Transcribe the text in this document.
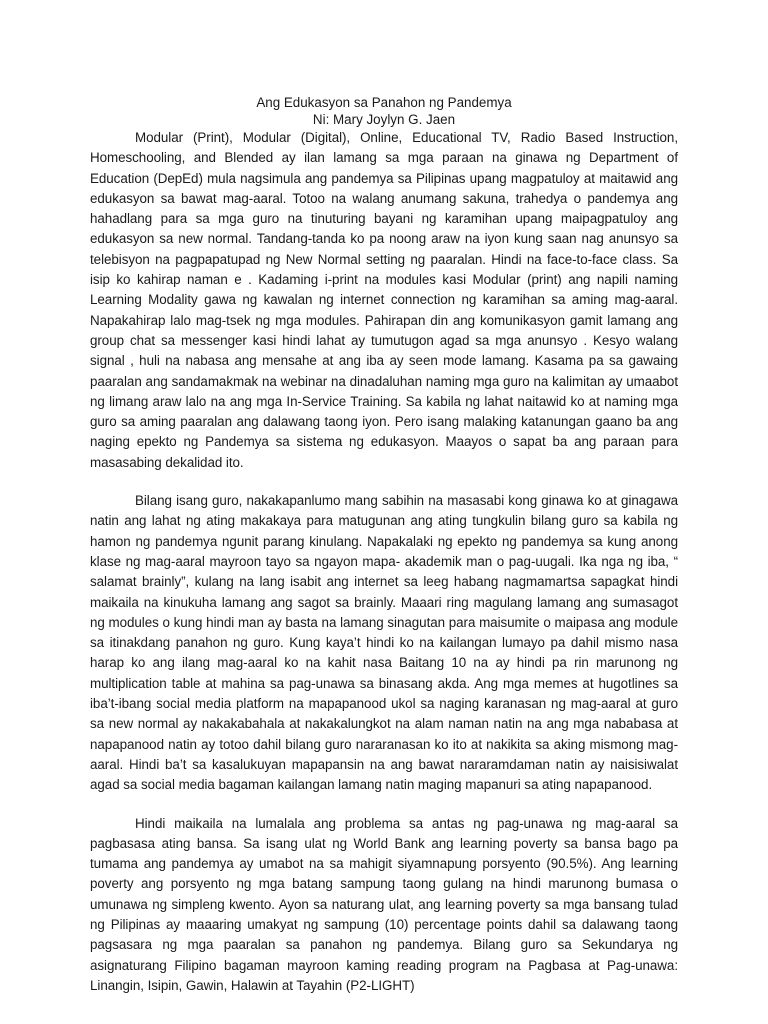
Ang Edukasyon sa Panahon ng Pandemya
Ni: Mary Joylyn G. Jaen

Modular (Print), Modular (Digital), Online, Educational TV, Radio Based Instruction, Homeschooling, and Blended ay ilan lamang sa mga paraan na ginawa ng Department of Education (DepEd) mula nagsimula ang pandemya sa Pilipinas upang magpatuloy at maitawid ang edukasyon sa bawat mag-aaral. Totoo na walang anumang sakuna, trahedya o pandemya ang hahadlang para sa mga guro na tinuturing bayani ng karamihan upang maipagpatuloy ang edukasyon sa new normal. Tandang-tanda ko pa noong araw na iyon kung saan nag anunsyo sa telebisyon na pagpapatupad ng New Normal setting ng paaralan. Hindi na face-to-face class. Sa isip ko kahirap naman e . Kadaming i-print na modules kasi Modular (print) ang napili naming Learning Modality gawa ng kawalan ng internet connection ng karamihan sa aming mag-aaral. Napakahirap lalo mag-tsek ng mga modules. Pahirapan din ang komunikasyon gamit lamang ang group chat sa messenger kasi hindi lahat ay tumutugon agad sa mga anunsyo . Kesyo walang signal , huli na nabasa ang mensahe at ang iba ay seen mode lamang. Kasama pa sa gawaing paaralan ang sandamakmak na webinar na dinadaluhan naming mga guro na kalimitan ay umaabot ng limang araw lalo na ang mga In-Service Training. Sa kabila ng lahat naitawid ko at naming mga guro sa aming paaralan ang dalawang taong iyon. Pero isang malaking katanungan gaano ba ang naging epekto ng Pandemya sa sistema ng edukasyon. Maayos o sapat ba ang paraan para masasabing dekalidad ito.

Bilang isang guro, nakakapanlumo mang sabihin na masasabi kong ginawa ko at ginagawa natin ang lahat ng ating makakaya para matugunan ang ating tungkulin bilang guro sa kabila ng hamon ng pandemya ngunit parang kinulang. Napakalaki ng epekto ng pandemya sa kung anong klase ng mag-aaral mayroon tayo sa ngayon mapa- akademik man o pag-uugali. Ika nga ng iba, “ salamat brainly”, kulang na lang isabit ang internet sa leeg habang nagmamartsa sapagkat hindi maikaila na kinukuha lamang ang sagot sa brainly. Maaari ring magulang lamang ang sumasagot ng modules o kung hindi man ay basta na lamang sinagutan para maisumite o maipasa ang module sa itinakdang panahon ng guro. Kung kaya’t hindi ko na kailangan lumayo pa dahil mismo nasa harap ko ang ilang mag-aaral ko na kahit nasa Baitang 10 na ay hindi pa rin marunong ng multiplication table at mahina sa pag-unawa sa binasang akda. Ang mga memes at hugotlines sa iba’t-ibang social media platform na mapapanood ukol sa naging karanasan ng mag-aaral at guro sa new normal ay nakakabahala at nakakalungkot na alam naman natin na ang mga nababasa at napapanood natin ay totoo dahil bilang guro nararanasan ko ito at nakikita sa aking mismong mag-aaral. Hindi ba’t sa kasalukuyan mapapansin na ang bawat nararamdaman natin ay naisisiwalat agad sa social media bagaman kailangan lamang natin maging mapanuri sa ating napapanood.

Hindi maikaila na lumalala ang problema sa antas ng pag-unawa ng mag-aaral sa pagbasasa ating bansa. Sa isang ulat ng World Bank ang learning poverty sa bansa bago pa tumama ang pandemya ay umabot na sa mahigit siyamnapung porsyento (90.5%). Ang learning poverty ang porsyento ng mga batang sampung taong gulang na hindi marunong bumasa o umunawa ng simpleng kwento. Ayon sa naturang ulat, ang learning poverty sa mga bansang tulad ng Pilipinas ay maaaring umakyat ng sampung (10) percentage points dahil sa dalawang taong pagsasara ng mga paaralan sa panahon ng pandemya. Bilang guro sa Sekundarya ng asignaturang Filipino bagaman mayroon kaming reading program na Pagbasa at Pag-unawa: Linangin, Isipin, Gawin, Halawin at Tayahin (P2-LIGHT)
